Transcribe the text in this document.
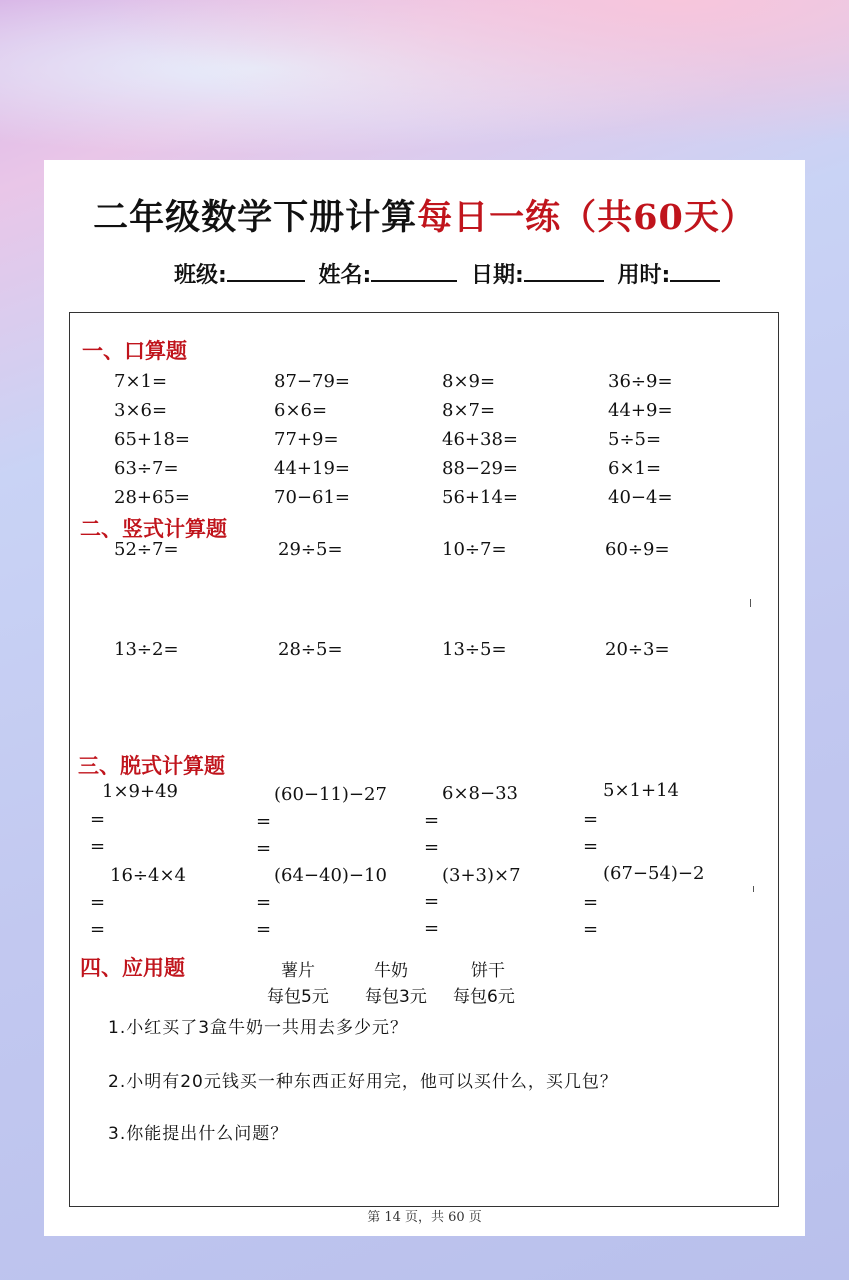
二年级数学下册计算每日一练（共60天）
班级:	姓名:	日期:	用时:
一、口算题
7×1=	87−79=	8×9=	36÷9=
3×6=	6×6=	8×7=	44+9=
65+18=	77+9=	46+38=	5÷5=
63÷7=	44+19=	88−29=	6×1=
28+65=	70−61=	56+14=	40−4=
二、竖式计算题
52÷7=	29÷5=	10÷7=	60÷9=
13÷2=	28÷5=	13÷5=	20÷3=
三、脱式计算题
1×9+49	(60−11)−27	6×8−33	5×1+14
=	=	=	=
=	=	=	=
16÷4×4	(64−40)−10	(3+3)×7	(67−54)−2
=	=	=	=
=	=	=	=
四、应用题	薯片	牛奶	饼干
每包5元 每包3元 每包6元
1.小红买了3盒牛奶一共用去多少元？
2.小明有20元钱买一种东西正好用完，他可以买什么，买几包？
3.你能提出什么问题？
第 14 页，共 60 页
